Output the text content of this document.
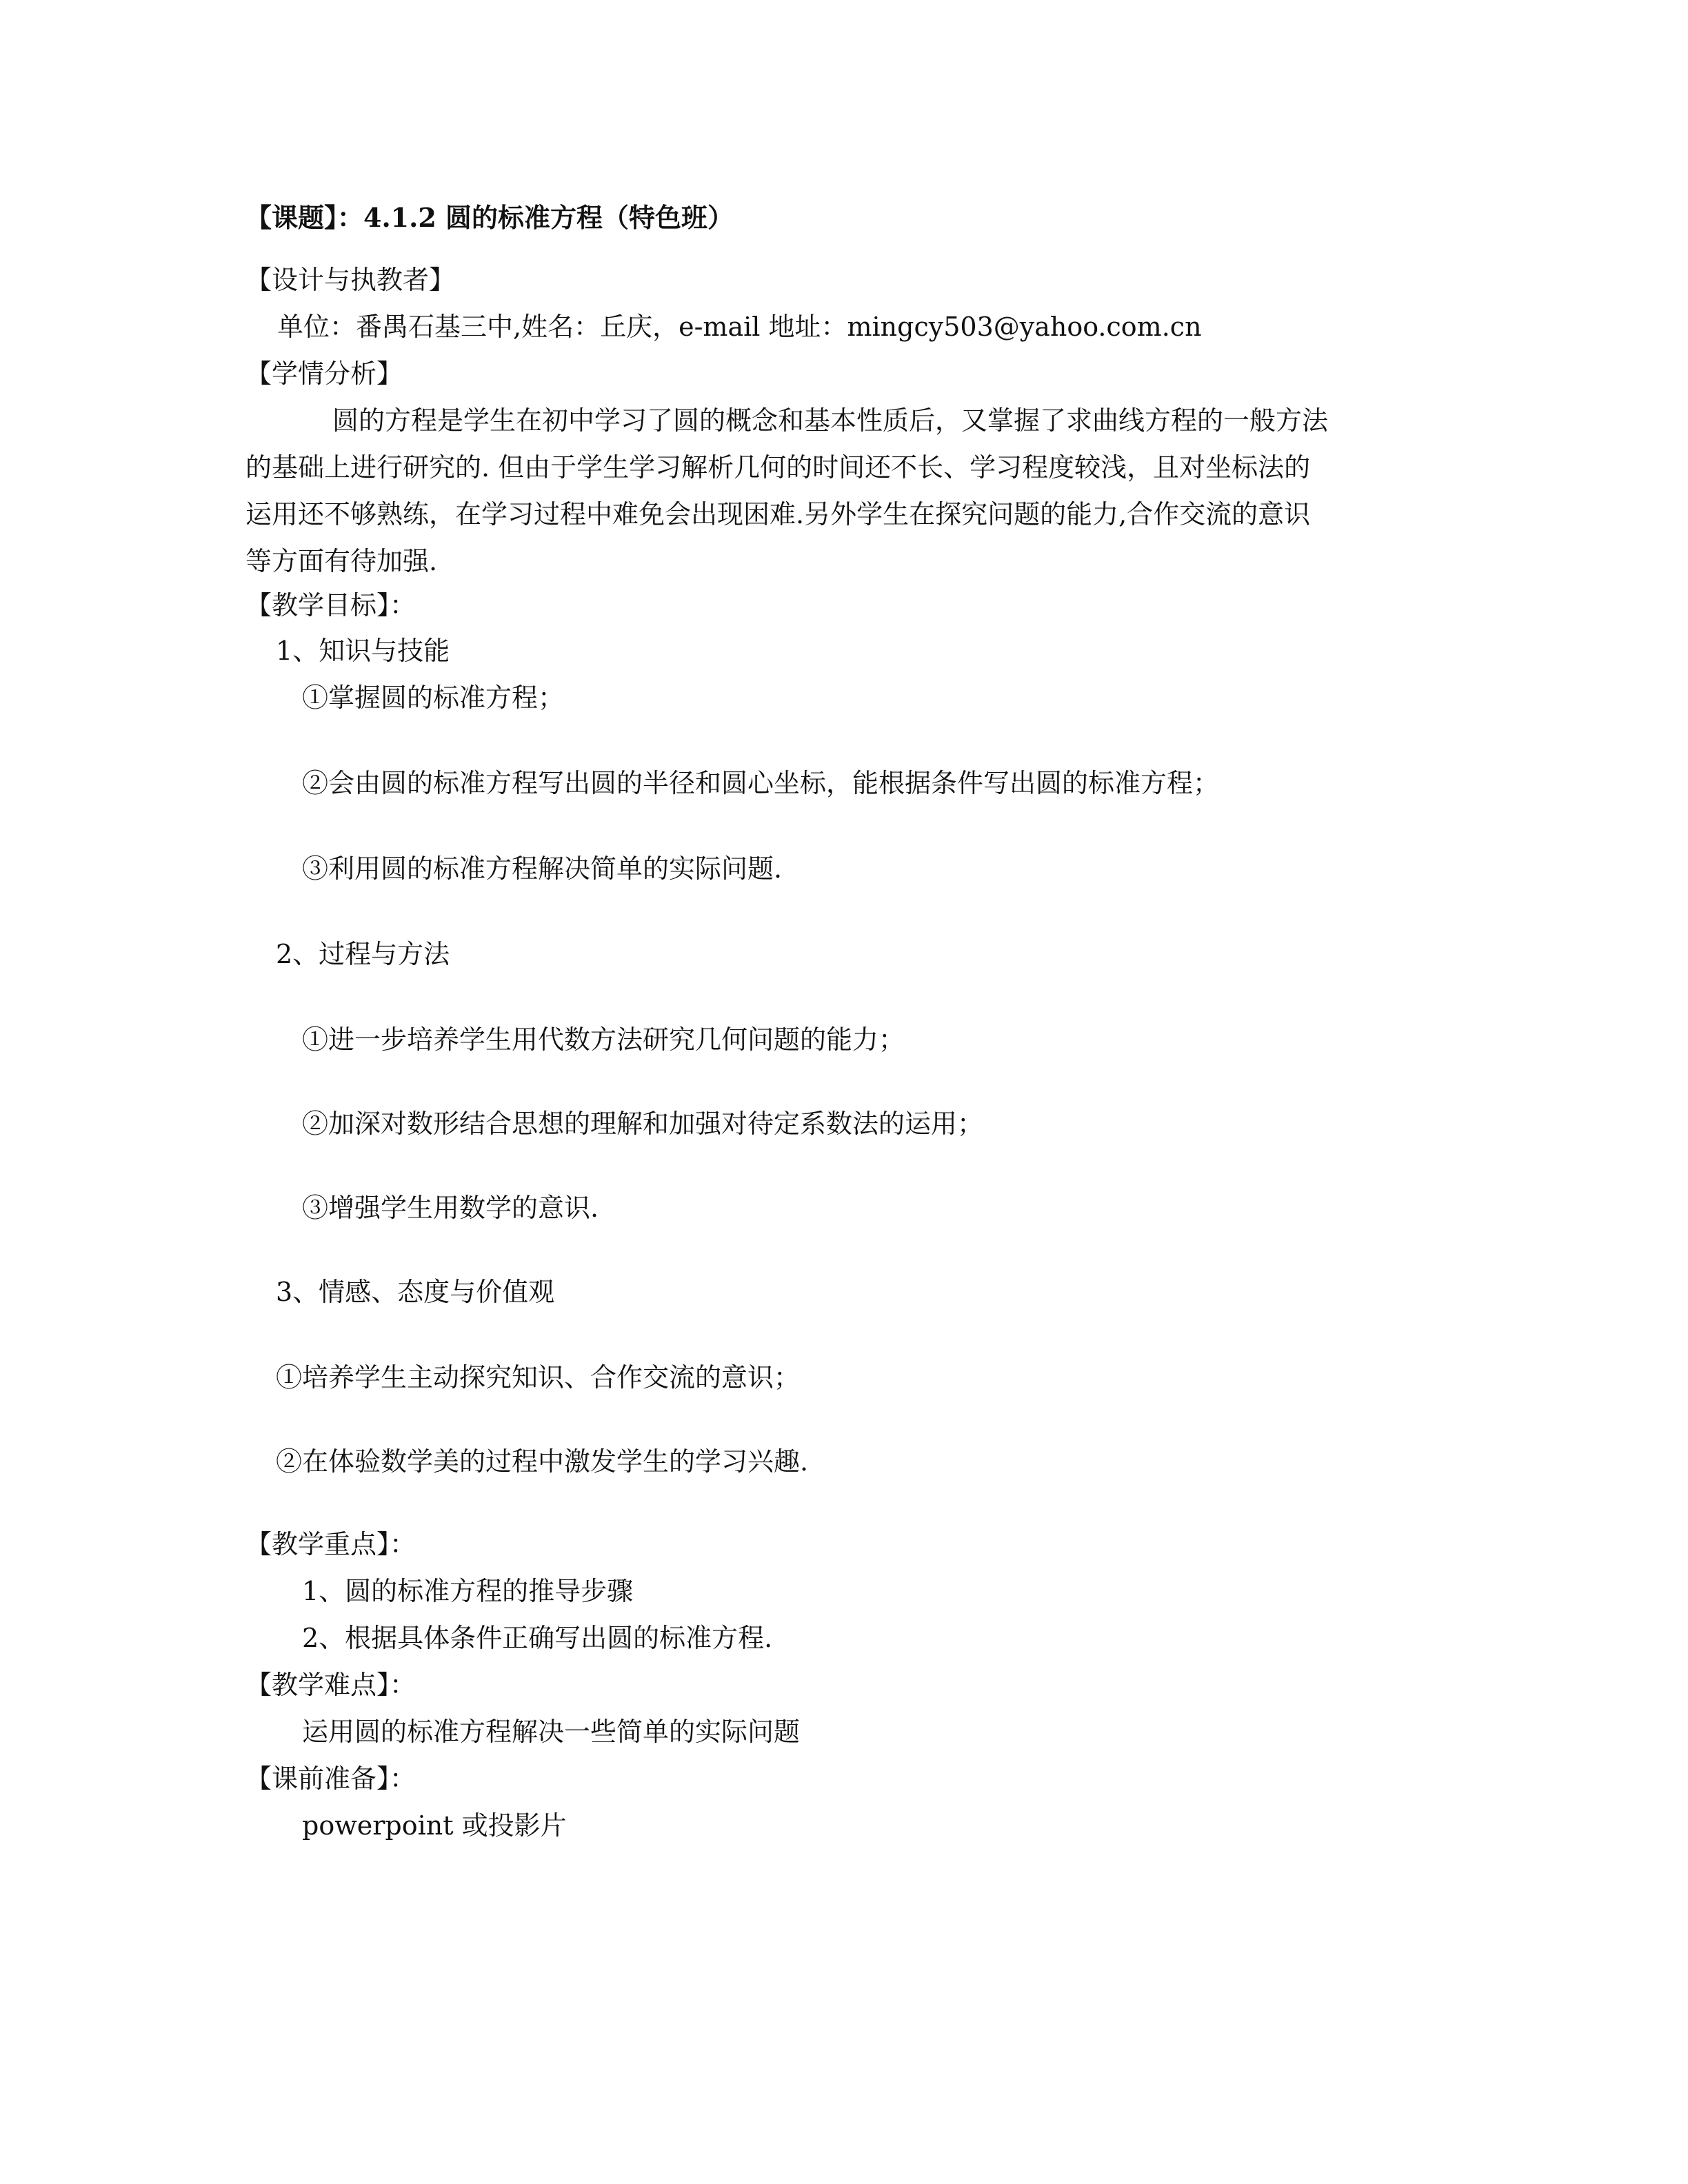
【课题】：4.1.2 圆的标准方程（特色班）
【设计与执教者】
单位：番禺石基三中,姓名：丘庆，e-mail 地址：mingcy503@yahoo.com.cn
【学情分析】
圆的方程是学生在初中学习了圆的概念和基本性质后，又掌握了求曲线方程的一般方法
的基础上进行研究的. 但由于学生学习解析几何的时间还不长、学习程度较浅，且对坐标法的
运用还不够熟练，在学习过程中难免会出现困难.另外学生在探究问题的能力,合作交流的意识
等方面有待加强.
【教学目标】：
1、知识与技能
①掌握圆的标准方程；
②会由圆的标准方程写出圆的半径和圆心坐标，能根据条件写出圆的标准方程；
③利用圆的标准方程解决简单的实际问题.
2、过程与方法
①进一步培养学生用代数方法研究几何问题的能力；
②加深对数形结合思想的理解和加强对待定系数法的运用；
③增强学生用数学的意识.
3、情感、态度与价值观
①培养学生主动探究知识、合作交流的意识；
②在体验数学美的过程中激发学生的学习兴趣.
【教学重点】：
1、圆的标准方程的推导步骤
2、根据具体条件正确写出圆的标准方程.
【教学难点】：
运用圆的标准方程解决一些简单的实际问题
【课前准备】：
powerpoint 或投影片
